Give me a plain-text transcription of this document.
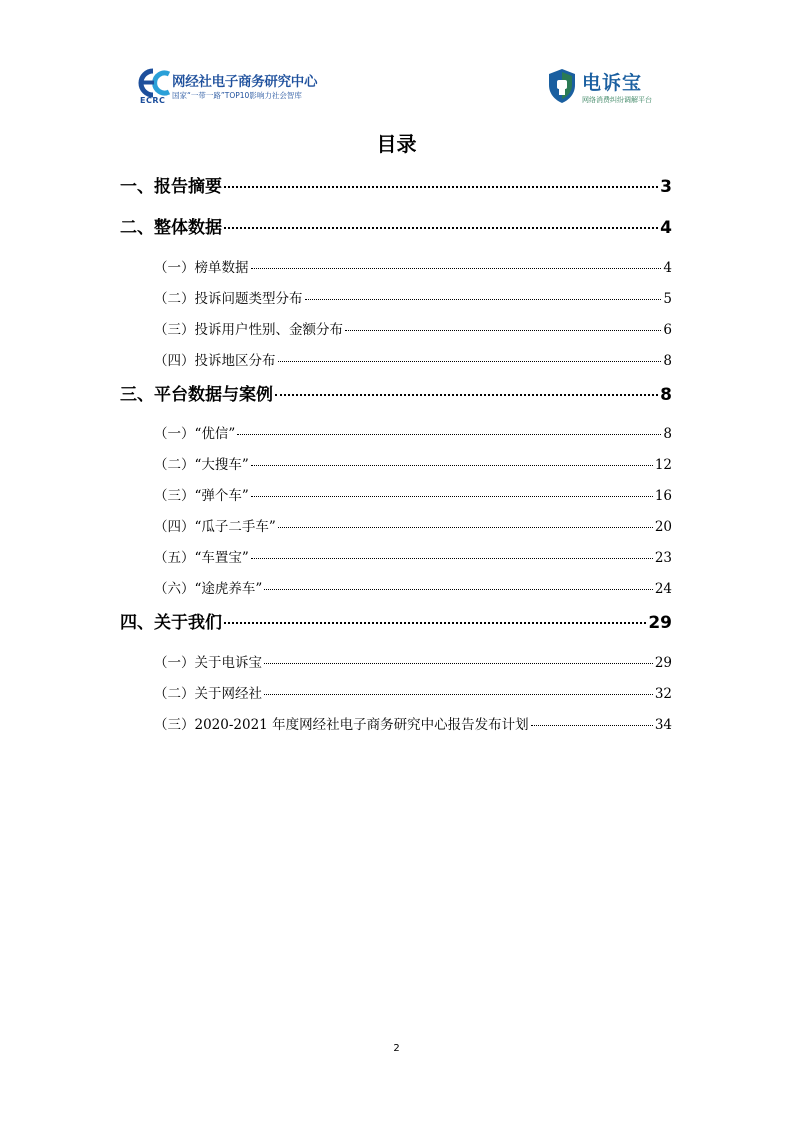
ECRC
网经社电子商务研究中心
国家“一带一路”TOP10影响力社会智库
电诉宝
网络消费纠纷调解平台
目录
一、报告摘要	3
二、整体数据	4
（一）榜单数据	4
（二）投诉问题类型分布	5
（三）投诉用户性别、金额分布	6
（四）投诉地区分布	8
三、平台数据与案例	8
（一）“优信”	8
（二）“大搜车”	12
（三）“弹个车”	16
（四）“瓜子二手车”	20
（五）“车置宝”	23
（六）“途虎养车”	24
四、关于我们	29
（一）关于电诉宝	29
（二）关于网经社	32
（三）2020-2021 年度网经社电子商务研究中心报告发布计划	34
2
